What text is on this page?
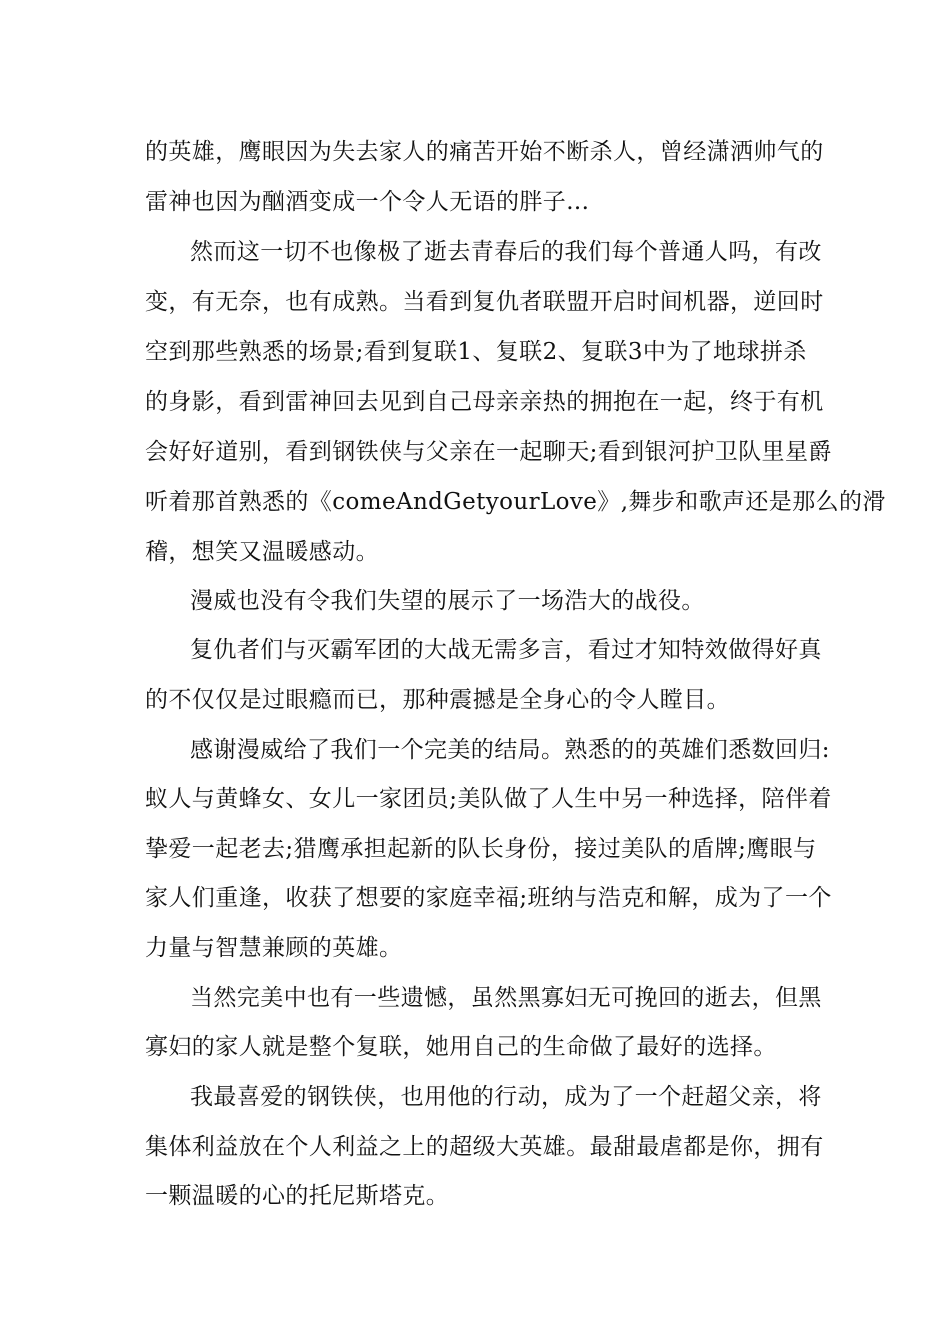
的英雄，鹰眼因为失去家人的痛苦开始不断杀人，曾经潇洒帅气的
雷神也因为酗酒变成一个令人无语的胖子...
然而这一切不也像极了逝去青春后的我们每个普通人吗，有改
变，有无奈，也有成熟。当看到复仇者联盟开启时间机器，逆回时
空到那些熟悉的场景;看到复联1、复联2、复联3中为了地球拼杀
的身影，看到雷神回去见到自己母亲亲热的拥抱在一起，终于有机
会好好道别，看到钢铁侠与父亲在一起聊天;看到银河护卫队里星爵
听着那首熟悉的《comeAndGetyourLove》,舞步和歌声还是那么的滑
稽，想笑又温暖感动。
漫威也没有令我们失望的展示了一场浩大的战役。
复仇者们与灭霸军团的大战无需多言，看过才知特效做得好真
的不仅仅是过眼瘾而已，那种震撼是全身心的令人瞠目。
感谢漫威给了我们一个完美的结局。熟悉的的英雄们悉数回归:
蚁人与黄蜂女、女儿一家团员;美队做了人生中另一种选择，陪伴着
挚爱一起老去;猎鹰承担起新的队长身份，接过美队的盾牌;鹰眼与
家人们重逢，收获了想要的家庭幸福;班纳与浩克和解，成为了一个
力量与智慧兼顾的英雄。
当然完美中也有一些遗憾，虽然黑寡妇无可挽回的逝去，但黑
寡妇的家人就是整个复联，她用自己的生命做了最好的选择。
我最喜爱的钢铁侠，也用他的行动，成为了一个赶超父亲，将
集体利益放在个人利益之上的超级大英雄。最甜最虐都是你，拥有
一颗温暖的心的托尼斯塔克。
